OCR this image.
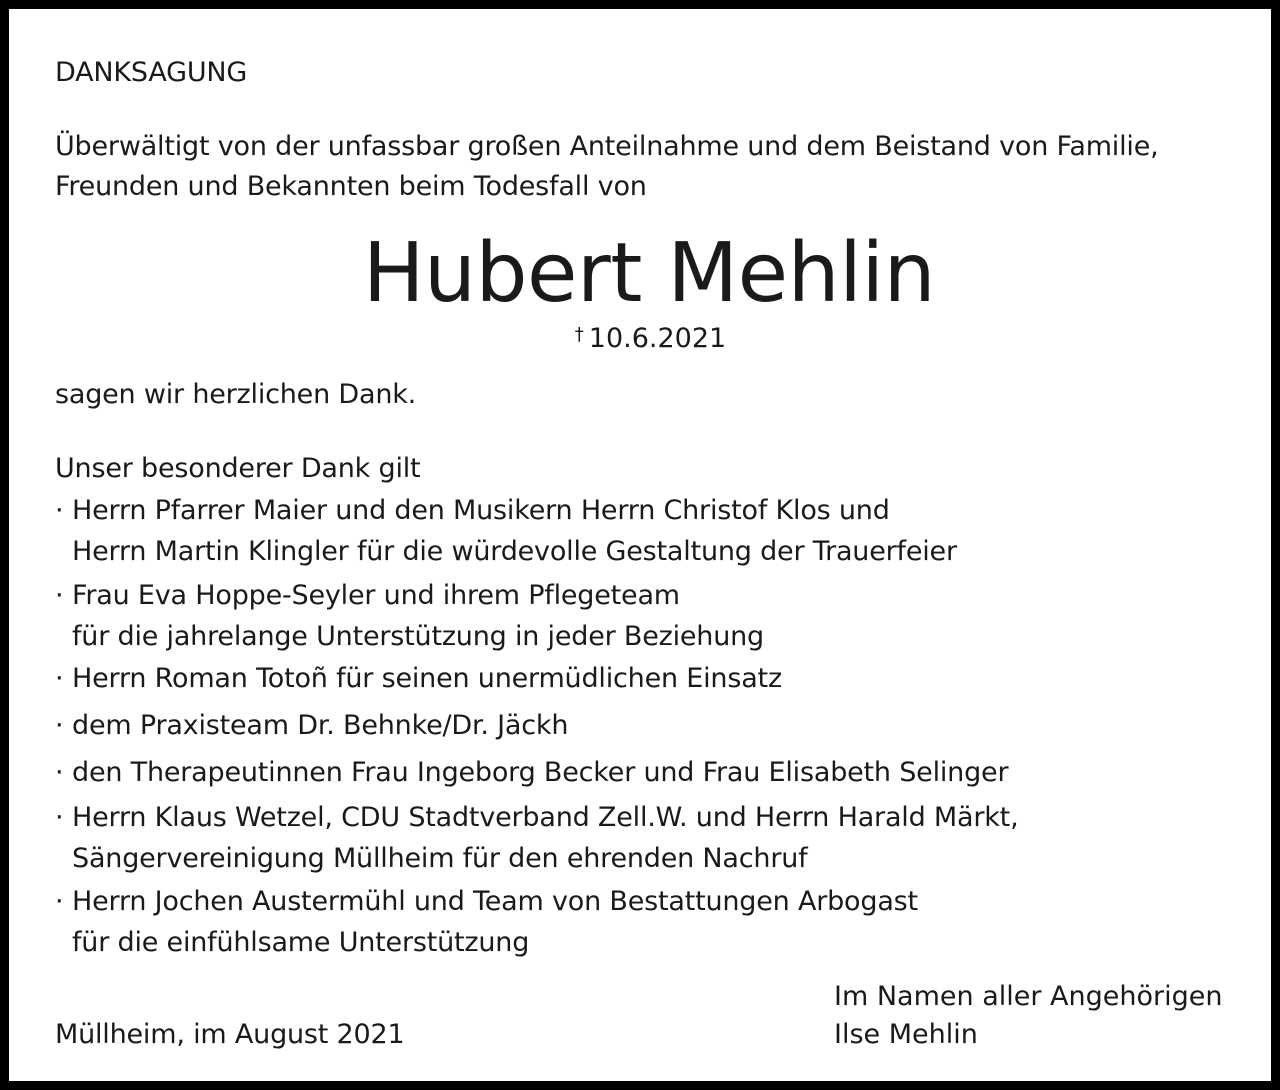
DANKSAGUNG
Überwältigt von der unfassbar großen Anteilnahme und dem Beistand von Familie,
Freunden und Bekannten beim Todesfall von
Hubert Mehlin
† 10.6.2021
sagen wir herzlichen Dank.
Unser besonderer Dank gilt
· Herrn Pfarrer Maier und den Musikern Herrn Christof Klos und
Herrn Martin Klingler für die würdevolle Gestaltung der Trauerfeier
· Frau Eva Hoppe-Seyler und ihrem Pflegeteam
für die jahrelange Unterstützung in jeder Beziehung
· Herrn Roman Totoñ für seinen unermüdlichen Einsatz
· dem Praxisteam Dr. Behnke/Dr. Jäckh
· den Therapeutinnen Frau Ingeborg Becker und Frau Elisabeth Selinger
· Herrn Klaus Wetzel, CDU Stadtverband Zell.W. und Herrn Harald Märkt,
Sängervereinigung Müllheim für den ehrenden Nachruf
· Herrn Jochen Austermühl und Team von Bestattungen Arbogast
für die einfühlsame Unterstützung
Müllheim, im August 2021
Im Namen aller Angehörigen
Ilse Mehlin
